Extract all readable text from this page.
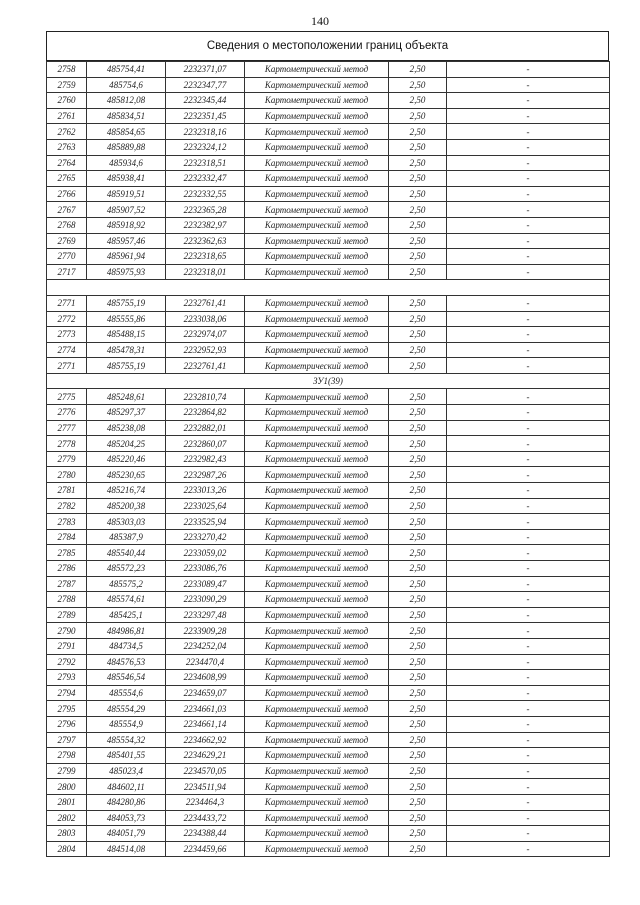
140
Сведения о местоположении границ объекта
2758	485754,41	2232371,07	Картометрический метод	2,50	-
2759	485754,6	2232347,77	Картометрический метод	2,50	-
2760	485812,08	2232345,44	Картометрический метод	2,50	-
2761	485834,51	2232351,45	Картометрический метод	2,50	-
2762	485854,65	2232318,16	Картометрический метод	2,50	-
2763	485889,88	2232324,12	Картометрический метод	2,50	-
2764	485934,6	2232318,51	Картометрический метод	2,50	-
2765	485938,41	2232332,47	Картометрический метод	2,50	-
2766	485919,51	2232332,55	Картометрический метод	2,50	-
2767	485907,52	2232365,28	Картометрический метод	2,50	-
2768	485918,92	2232382,97	Картометрический метод	2,50	-
2769	485957,46	2232362,63	Картометрический метод	2,50	-
2770	485961,94	2232318,65	Картометрический метод	2,50	-
2717	485975,93	2232318,01	Картометрический метод	2,50	-

2771	485755,19	2232761,41	Картометрический метод	2,50	-
2772	485555,86	2233038,06	Картометрический метод	2,50	-
2773	485488,15	2232974,07	Картометрический метод	2,50	-
2774	485478,31	2232952,93	Картометрический метод	2,50	-
2771	485755,19	2232761,41	Картометрический метод	2,50	-
ЗУ1(39)					
2775	485248,61	2232810,74	Картометрический метод	2,50	-
2776	485297,37	2232864,82	Картометрический метод	2,50	-
2777	485238,08	2232882,01	Картометрический метод	2,50	-
2778	485204,25	2232860,07	Картометрический метод	2,50	-
2779	485220,46	2232982,43	Картометрический метод	2,50	-
2780	485230,65	2232987,26	Картометрический метод	2,50	-
2781	485216,74	2233013,26	Картометрический метод	2,50	-
2782	485200,38	2233025,64	Картометрический метод	2,50	-
2783	485303,03	2233525,94	Картометрический метод	2,50	-
2784	485387,9	2233270,42	Картометрический метод	2,50	-
2785	485540,44	2233059,02	Картометрический метод	2,50	-
2786	485572,23	2233086,76	Картометрический метод	2,50	-
2787	485575,2	2233089,47	Картометрический метод	2,50	-
2788	485574,61	2233090,29	Картометрический метод	2,50	-
2789	485425,1	2233297,48	Картометрический метод	2,50	-
2790	484986,81	2233909,28	Картометрический метод	2,50	-
2791	484734,5	2234252,04	Картометрический метод	2,50	-
2792	484576,53	2234470,4	Картометрический метод	2,50	-
2793	485546,54	2234608,99	Картометрический метод	2,50	-
2794	485554,6	2234659,07	Картометрический метод	2,50	-
2795	485554,29	2234661,03	Картометрический метод	2,50	-
2796	485554,9	2234661,14	Картометрический метод	2,50	-
2797	485554,32	2234662,92	Картометрический метод	2,50	-
2798	485401,55	2234629,21	Картометрический метод	2,50	-
2799	485023,4	2234570,05	Картометрический метод	2,50	-
2800	484602,11	2234511,94	Картометрический метод	2,50	-
2801	484280,86	2234464,3	Картометрический метод	2,50	-
2802	484053,73	2234433,72	Картометрический метод	2,50	-
2803	484051,79	2234388,44	Картометрический метод	2,50	-
2804	484514,08	2234459,66	Картометрический метод	2,50	-
